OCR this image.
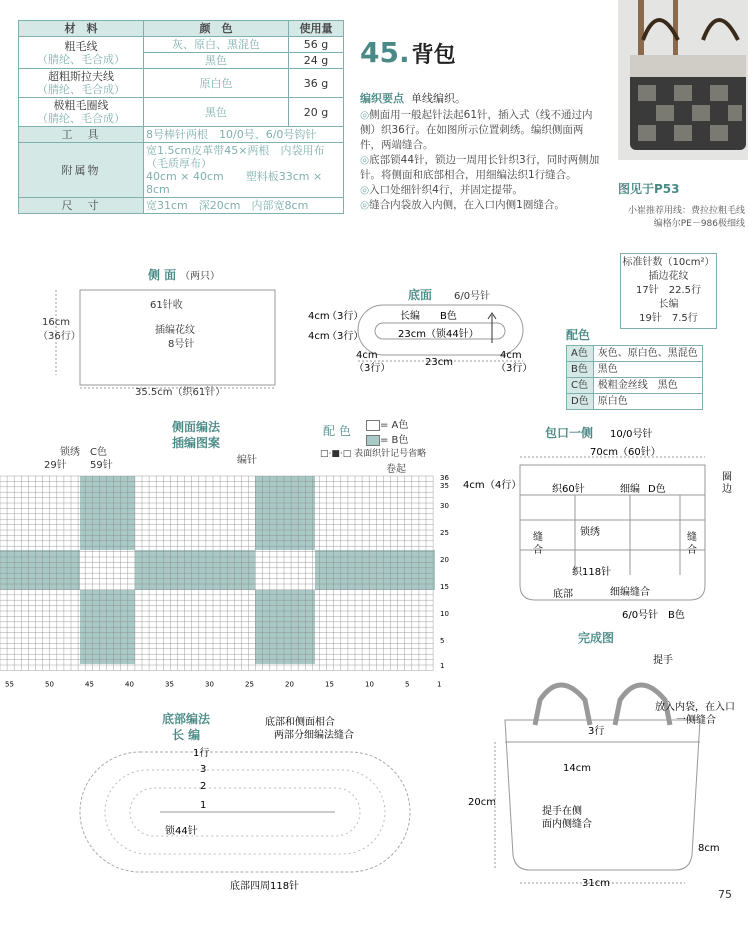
材　料	颜　色	使用量

粗毛线
（腈纶、毛合成）	灰、原白、黑混色	56 g
	黑色	24 g

超粗斯拉夫线
（腈纶、毛合成）	原白色	36 g

极粗毛圈线
（腈纶、毛合成）	黑色	20 g
工　具	8号棒针两根　10/0号、6/0号钩针	
附属物	宽1.5cm皮革带45×两根　内袋用布（毛质厚布）
40cm × 40cm　　塑料板33cm × 8cm	

尺　寸	宽31cm　深20cm　内部宽8cm	
45.背包
编织要点 单线编织。

◎侧面用一般起针法起61针，插入式（线不通过内侧）织36行。在如图所示位置刺绣。编织侧面两件，两端缝合。

◎底部锁44针，锁边一周用长针织3行，同时两侧加针。将侧面和底部相合，用细编法织1行缝合。

◎入口处细针织4行，并固定提带。

◎缝合内袋放入内侧，在入口内侧1圈缝合。

图见于P53
小崔推荐用线：费拉拉粗毛线
编格尔PE－986极细线
标准针数（10cm²）
插边花纹
17针　22.5行
长编
19针　7.5行
配色
A色	灰色、原白色、黑混色
B色	黑色
C色	极粗金丝线　黑色
D色	原白色
侧 面 （两只）
61针收
插编花纹
8号针
16cm
（36行）
35.5cm（织61针）
底面 6/0号针
长编 B色
23cm（锁44针）
4cm
（3行）
4cm
（3行）
4cm
（3行）
23cm
4cm
（3行）
侧面编法
插编图案
锁绣　C色
29针 59针	编针
配 色	= A色
= B色
□·■·□ 表面织针记号省略
卷起
55	50	45	40	35	30	25	20	15	10	5	1
36
35
30
25
20
15
10
5
1
包口一侧 10/0号针
70cm（60针）
4cm （4行）
圈
边
织60针	细编 D色
缝
合
缝
合
锁绣
织118针
底部	细编缝合
6/0号针 B色
完成图
提手
放入内袋，在入口
一侧缝合
3行
14cm
20cm
提手在侧
面内侧缝合
8cm
31cm
底部编法
长 编
底部和侧面相合
两部分细编法缝合
1行
3
2
1
锁44针
底部四周118针
75
